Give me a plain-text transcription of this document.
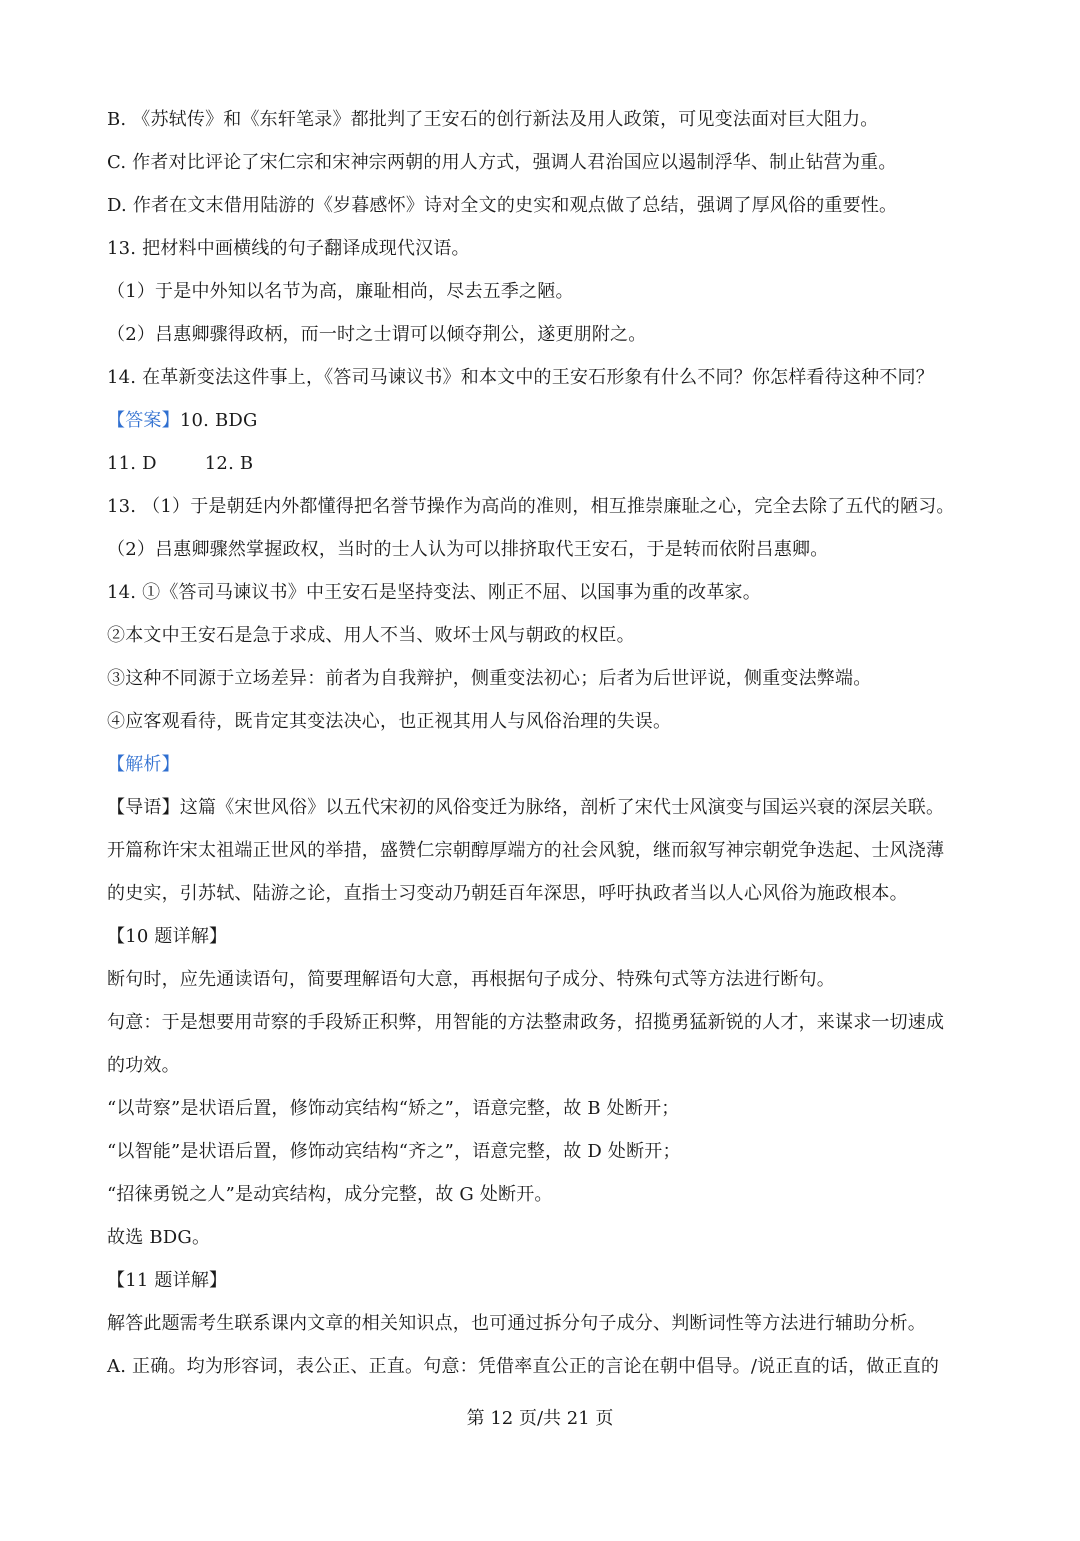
B. 《苏轼传》和《东轩笔录》都批判了王安石的创行新法及用人政策，可见变法面对巨大阻力。
C. 作者对比评论了宋仁宗和宋神宗两朝的用人方式，强调人君治国应以遏制浮华、制止钻营为重。
D. 作者在文末借用陆游的《岁暮感怀》诗对全文的史实和观点做了总结，强调了厚风俗的重要性。
13. 把材料中画横线的句子翻译成现代汉语。
（1）于是中外知以名节为高，廉耻相尚，尽去五季之陋。
（2）吕惠卿骤得政柄，而一时之士谓可以倾夺荆公，遂更朋附之。
14. 在革新变法这件事上，《答司马谏议书》和本文中的王安石形象有什么不同？你怎样看待这种不同？
【答案】10. BDG
11. D	12. B
13. （1）于是朝廷内外都懂得把名誉节操作为高尚的准则，相互推崇廉耻之心，完全去除了五代的陋习。
（2）吕惠卿骤然掌握政权，当时的士人认为可以排挤取代王安石，于是转而依附吕惠卿。
14. ①《答司马谏议书》中王安石是坚持变法、刚正不屈、以国事为重的改革家。
②本文中王安石是急于求成、用人不当、败坏士风与朝政的权臣。
③这种不同源于立场差异：前者为自我辩护，侧重变法初心；后者为后世评说，侧重变法弊端。
④应客观看待，既肯定其变法决心，也正视其用人与风俗治理的失误。
【解析】
【导语】这篇《宋世风俗》以五代宋初的风俗变迁为脉络，剖析了宋代士风演变与国运兴衰的深层关联。
开篇称许宋太祖端正世风的举措，盛赞仁宗朝醇厚端方的社会风貌，继而叙写神宗朝党争迭起、士风浇薄
的史实，引苏轼、陆游之论，直指士习变动乃朝廷百年深思，呼吁执政者当以人心风俗为施政根本。
【10 题详解】
断句时，应先通读语句，简要理解语句大意，再根据句子成分、特殊句式等方法进行断句。
句意：于是想要用苛察的手段矫正积弊，用智能的方法整肃政务，招揽勇猛新锐的人才，来谋求一切速成
的功效。
“以苛察”是状语后置，修饰动宾结构“矫之”，语意完整，故 B 处断开；
“以智能”是状语后置，修饰动宾结构“齐之”，语意完整，故 D 处断开；
“招徕勇锐之人”是动宾结构，成分完整，故 G 处断开。
故选 BDG。
【11 题详解】
解答此题需考生联系课内文章的相关知识点，也可通过拆分句子成分、判断词性等方法进行辅助分析。
A. 正确。均为形容词，表公正、正直。句意：凭借率直公正的言论在朝中倡导。/说正直的话，做正直的
第 12 页/共 21 页
